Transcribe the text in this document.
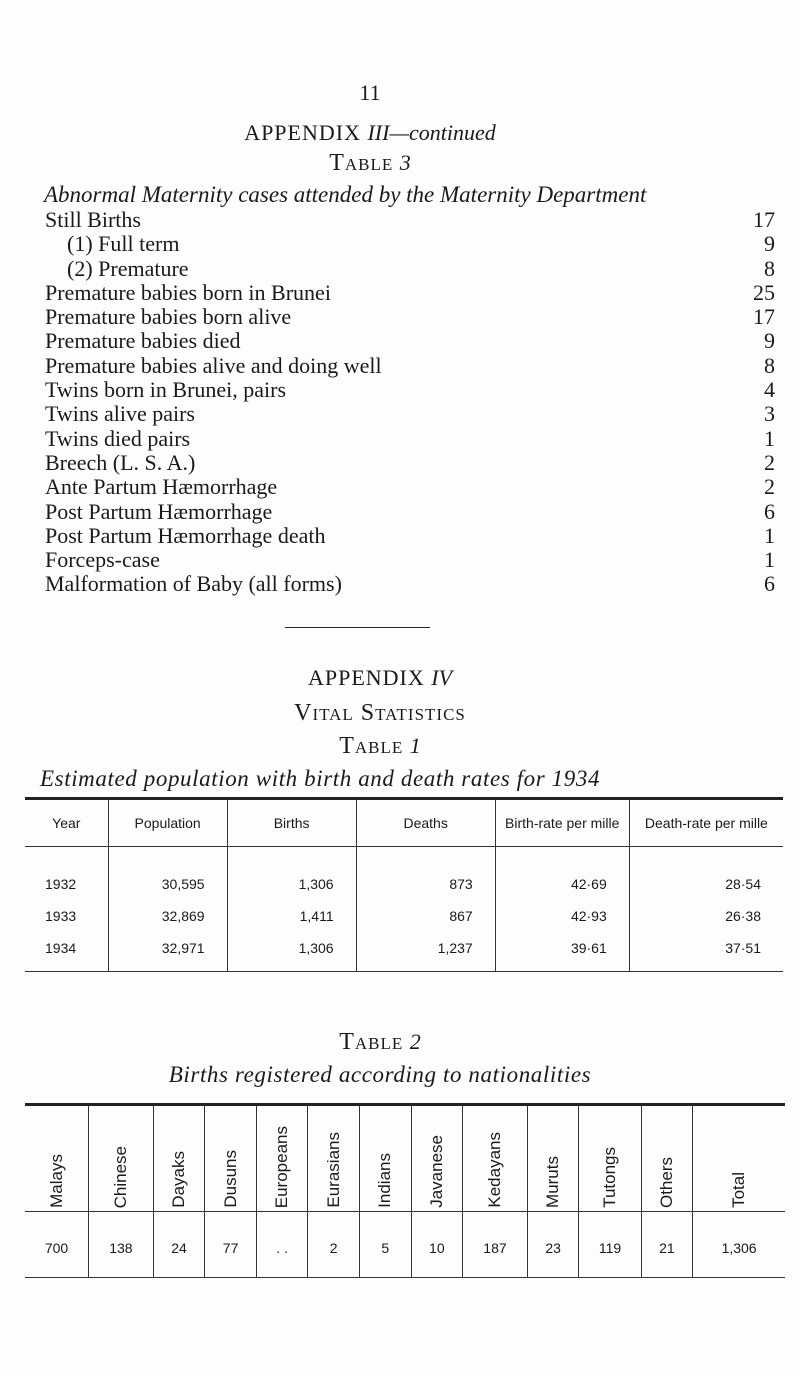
11
APPENDIX III—continued
Table 3
Abnormal Maternity cases attended by the Maternity Department
Still Births	17
(1) Full term	9
(2) Premature	8
Premature babies born in Brunei	25
Premature babies born alive	17
Premature babies died	9
Premature babies alive and doing well	8
Twins born in Brunei, pairs	4
Twins alive pairs	3
Twins died pairs	1
Breech (L. S. A.)	2
Ante Partum Hæmorrhage	2
Post Partum Hæmorrhage	6
Post Partum Hæmorrhage death	1
Forceps-case	1
Malformation of Baby (all forms)	6
APPENDIX IV
Vital Statistics
Table 1
Estimated population with birth and death rates for 1934
Year	Population	Births	Deaths	Birth-rate per mille	Death-rate per mille
1932	30,595	1,306	873	42·69	28·54
1933	32,869	1,411	867	42·93	26·38
1934	32,971	1,306	1,237	39·61	37·51
Table 2
Births registered according to nationalities
Malays	Chinese	Dayaks	Dusuns	Europeans	Eurasians	Indians	Javanese	Kedayans	Muruts	Tutongs	Others	Total
700	138	24	77	. .	2	5	10	187	23	119	21	1,306
